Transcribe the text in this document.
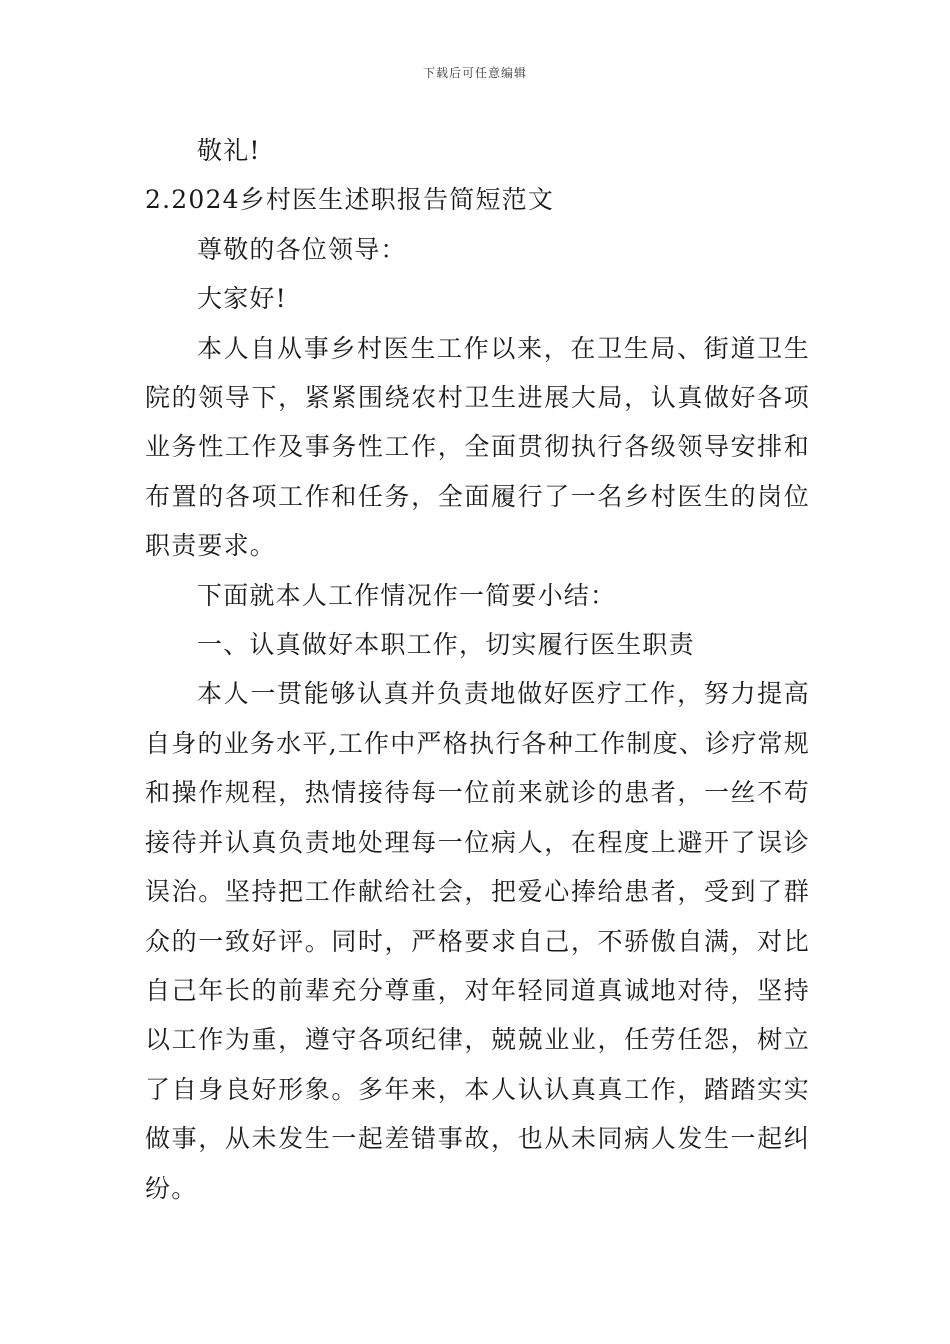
下载后可任意编辑

敬礼!

2.2024乡村医生述职报告简短范文

尊敬的各位领导：

大家好!

本人自从事乡村医生工作以来，在卫生局、街道卫生院的领导下，紧紧围绕农村卫生进展大局，认真做好各项业务性工作及事务性工作，全面贯彻执行各级领导安排和布置的各项工作和任务，全面履行了一名乡村医生的岗位职责要求。

下面就本人工作情况作一简要小结：

一、认真做好本职工作，切实履行医生职责

本人一贯能够认真并负责地做好医疗工作，努力提高自身的业务水平,工作中严格执行各种工作制度、诊疗常规和操作规程，热情接待每一位前来就诊的患者，一丝不苟接待并认真负责地处理每一位病人，在程度上避开了误诊误治。坚持把工作献给社会，把爱心捧给患者，受到了群众的一致好评。同时，严格要求自己，不骄傲自满，对比自己年长的前辈充分尊重，对年轻同道真诚地对待，坚持以工作为重，遵守各项纪律，兢兢业业，任劳任怨，树立了自身良好形象。多年来，本人认认真真工作，踏踏实实做事，从未发生一起差错事故，也从未同病人发生一起纠纷。
